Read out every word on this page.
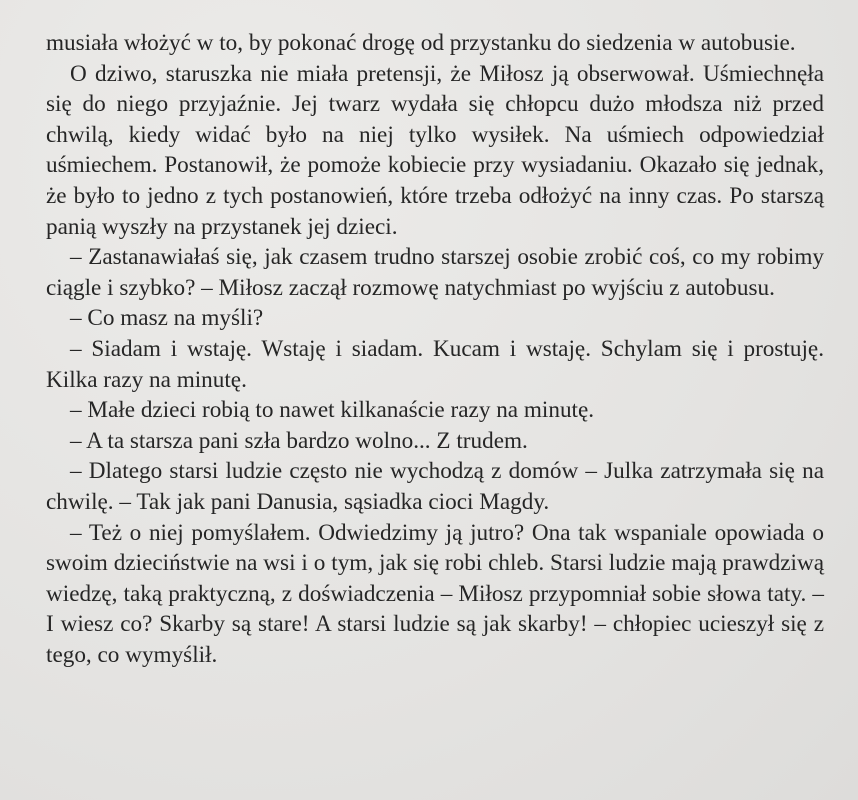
musiała włożyć w to, by pokonać drogę od przystanku do siedzenia w autobusie.

O dziwo, staruszka nie miała pretensji, że Miłosz ją obserwował. Uśmiechnęła się do niego przyjaźnie. Jej twarz wydała się chłopcu dużo młodsza niż przed chwilą, kiedy widać było na niej tylko wysiłek. Na uśmiech odpowiedział uśmiechem. Postanowił, że pomoże kobiecie przy wysiadaniu. Okazało się jednak, że było to jedno z tych postanowień, które trzeba odłożyć na inny czas. Po starszą panią wyszły na przystanek jej dzieci.

– Zastanawiałaś się, jak czasem trudno starszej osobie zrobić coś, co my robimy ciągle i szybko? – Miłosz zaczął rozmowę natychmiast po wyjściu z autobusu.

– Co masz na myśli?

– Siadam i wstaję. Wstaję i siadam. Kucam i wstaję. Schylam się i prostuję. Kilka razy na minutę.

– Małe dzieci robią to nawet kilkanaście razy na minutę.

– A ta starsza pani szła bardzo wolno... Z trudem.

– Dlatego starsi ludzie często nie wychodzą z domów – Julka zatrzymała się na chwilę. – Tak jak pani Danusia, sąsiadka cioci Magdy.

– Też o niej pomyślałem. Odwiedzimy ją jutro? Ona tak wspaniale opowiada o swoim dzieciństwie na wsi i o tym, jak się robi chleb. Starsi ludzie mają prawdziwą wiedzę, taką praktyczną, z doświadczenia – Miłosz przypomniał sobie słowa taty. – I wiesz co? Skarby są stare! A starsi ludzie są jak skarby! – chłopiec ucieszył się z tego, co wymyślił.
